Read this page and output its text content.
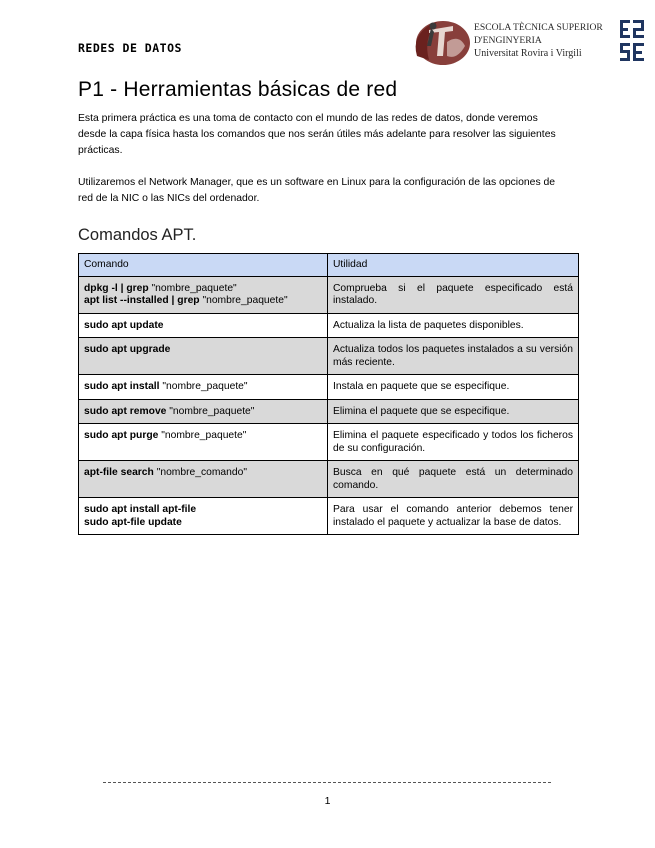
REDES DE DATOS
ESCOLA TÈCNICA SUPERIOR
D'ENGINYERIA
Universitat Rovira i Virgili
P1 - Herramientas básicas de red

Esta primera práctica es una toma de contacto con el mundo de las redes de datos, donde veremos desde la capa física hasta los comandos que nos serán útiles más adelante para resolver las siguientes prácticas.

Utilizaremos el Network Manager, que es un software en Linux para la configuración de las opciones de red de la NIC o las NICs del ordenador.

Comandos APT.
Comando	Utilidad

dpkg -l | grep "nombre_paquete"
apt list --installed | grep "nombre_paquete"	Comprueba si el paquete especificado está instalado.

sudo apt update	Actualiza la lista de paquetes disponibles.

sudo apt upgrade	Actualiza todos los paquetes instalados a su versión más reciente.

sudo apt install "nombre_paquete"	Instala en paquete que se especifique.

sudo apt remove "nombre_paquete"	Elimina el paquete que se especifique.

sudo apt purge "nombre_paquete"	Elimina el paquete especificado y todos los ficheros de su configuración.

apt-file search "nombre_comando"	Busca en qué paquete está un determinado comando.

sudo apt install apt-file
sudo apt-file update	Para usar el comando anterior debemos tener instalado el paquete y actualizar la base de datos.
1
